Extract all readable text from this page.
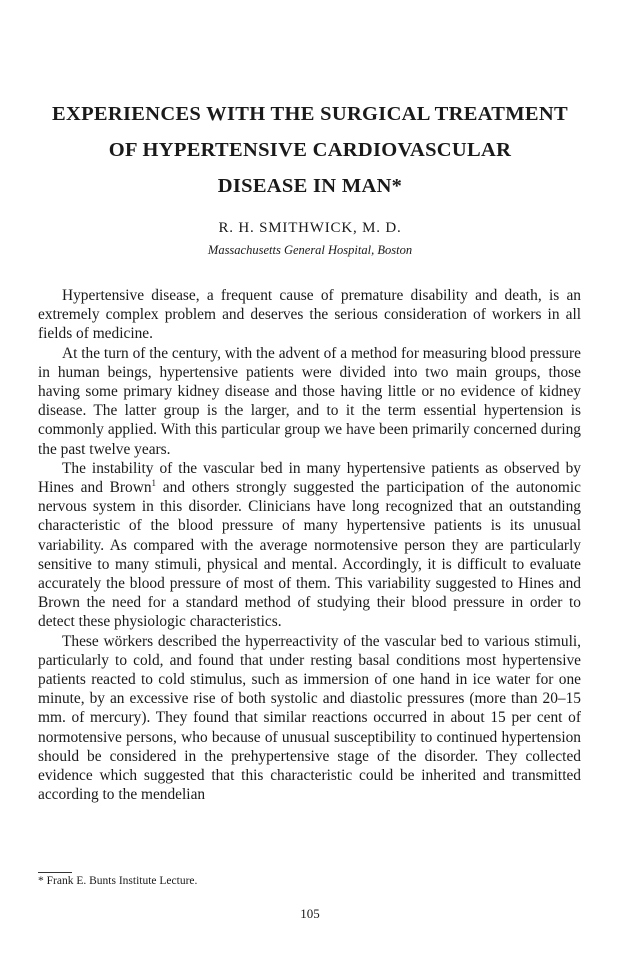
EXPERIENCES WITH THE SURGICAL TREATMENT
OF HYPERTENSIVE CARDIOVASCULAR
DISEASE IN MAN*
R. H. SMITHWICK, M. D.
Massachusetts General Hospital, Boston

Hypertensive disease, a frequent cause of premature disability and death, is an extremely complex problem and deserves the serious consideration of workers in all fields of medicine.

At the turn of the century, with the advent of a method for measuring blood pressure in human beings, hypertensive patients were divided into two main groups, those having some primary kidney disease and those having little or no evidence of kidney disease. The latter group is the larger, and to it the term essential hypertension is commonly applied. With this particular group we have been primarily concerned during the past twelve years.

The instability of the vascular bed in many hypertensive patients as observed by Hines and Brown$^1$ and others strongly suggested the participation of the autonomic nervous system in this disorder. Clinicians have long recognized that an outstanding characteristic of the blood pressure of many hypertensive patients is its unusual variability. As compared with the average normotensive person they are particularly sensitive to many stimuli, physical and mental. Accordingly, it is difficult to evaluate accurately the blood pressure of most of them. This variability suggested to Hines and Brown the need for a standard method of studying their blood pressure in order to detect these physiologic characteristics.

These wörkers described the hyperreactivity of the vascular bed to various stimuli, particularly to cold, and found that under resting basal conditions most hypertensive patients reacted to cold stimulus, such as immersion of one hand in ice water for one minute, by an excessive rise of both systolic and diastolic pressures (more than 20–15 mm. of mercury). They found that similar reactions occurred in about 15 per cent of normotensive persons, who because of unusual susceptibility to continued hypertension should be considered in the prehypertensive stage of the disorder. They collected evidence which suggested that this characteristic could be inherited and transmitted according to the mendelian

* Frank E. Bunts Institute Lecture.
105
